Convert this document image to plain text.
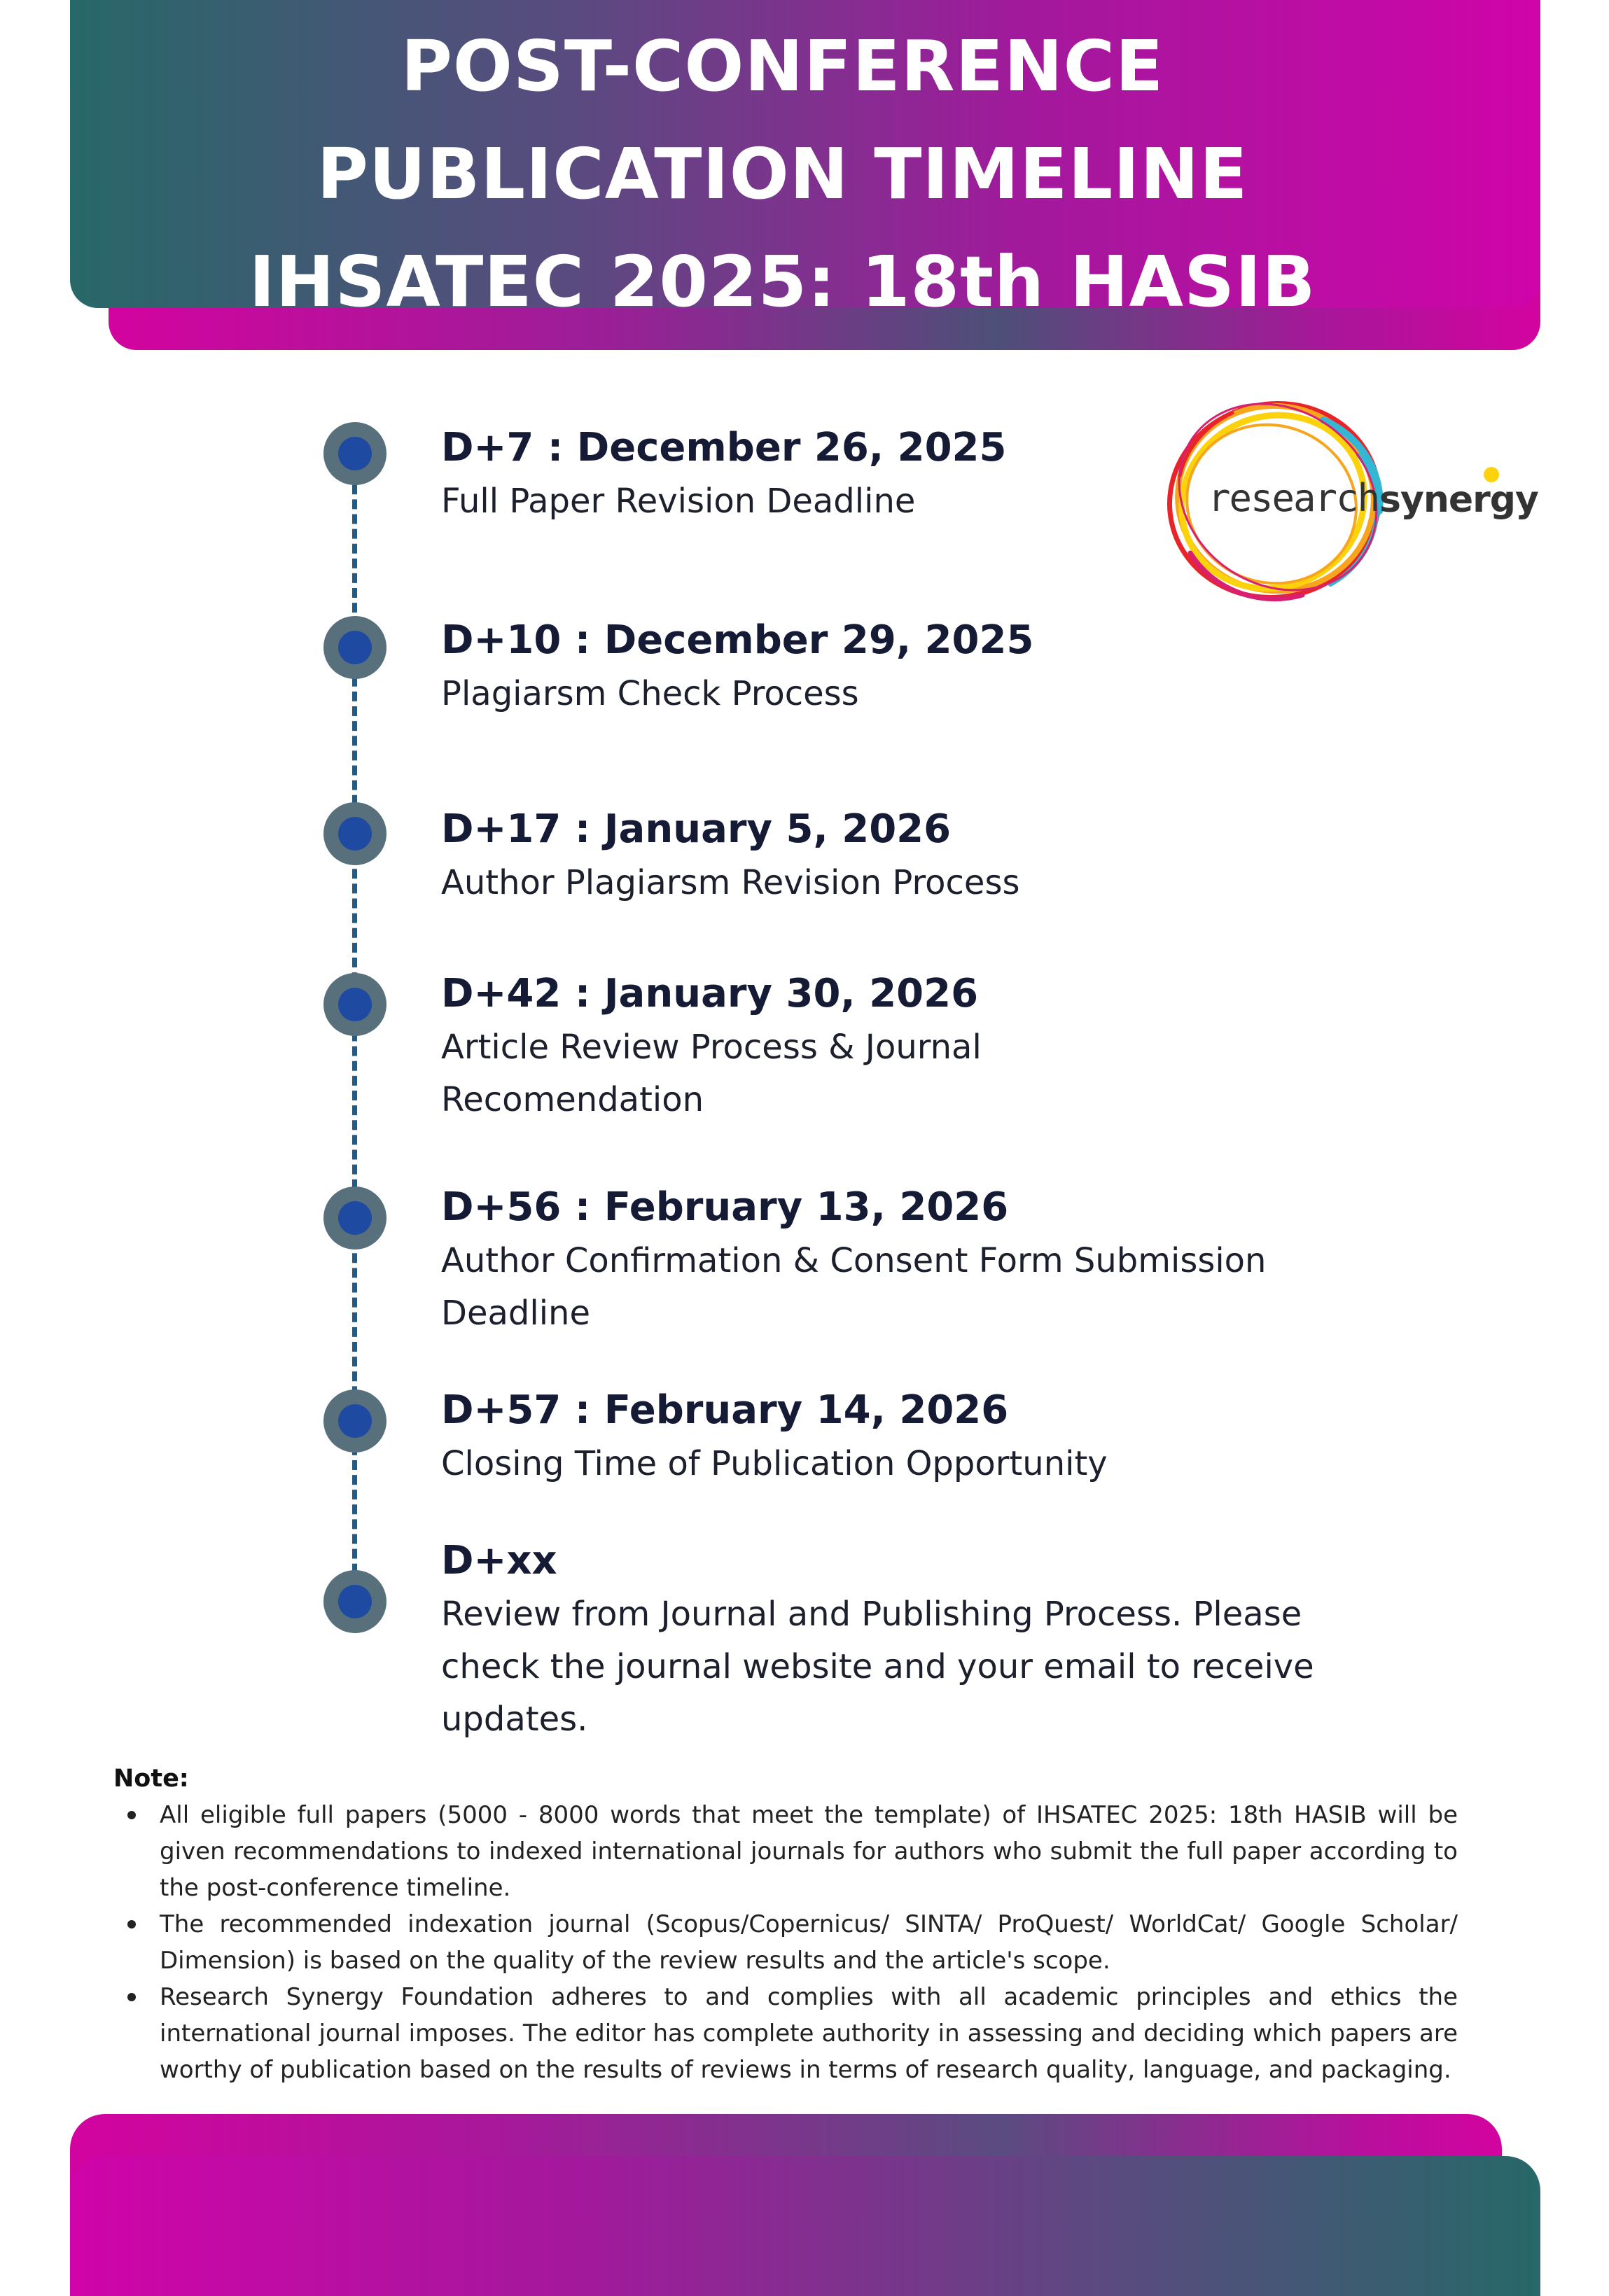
POST-CONFERENCE
PUBLICATION TIMELINE
IHSATEC 2025: 18th HASIB
research synergy
D+7 : December 26, 2025
Full Paper Revision Deadline
D+10 : December 29, 2025
Plagiarsm Check Process
D+17 : January 5, 2026
Author Plagiarsm Revision Process
D+42 : January 30, 2026
Article Review Process & Journal Recomendation
D+56 : February 13, 2026
Author Confirmation & Consent Form Submission Deadline
D+57 : February 14, 2026
Closing Time of Publication Opportunity
D+xx
Review from Journal and Publishing Process. Please check the journal website and your email to receive updates.
Note:
All eligible full papers (5000 - 8000 words that meet the template) of IHSATEC 2025: 18th HASIB will be given recommendations to indexed international journals for authors who submit the full paper according to the post-conference timeline.
The recommended indexation journal (Scopus/Copernicus/ SINTA/ ProQuest/ WorldCat/ Google Scholar/ Dimension) is based on the quality of the review results and the article's scope.
Research Synergy Foundation adheres to and complies with all academic principles and ethics the international journal imposes. The editor has complete authority in assessing and deciding which papers are worthy of publication based on the results of reviews in terms of research quality, language, and packaging.
